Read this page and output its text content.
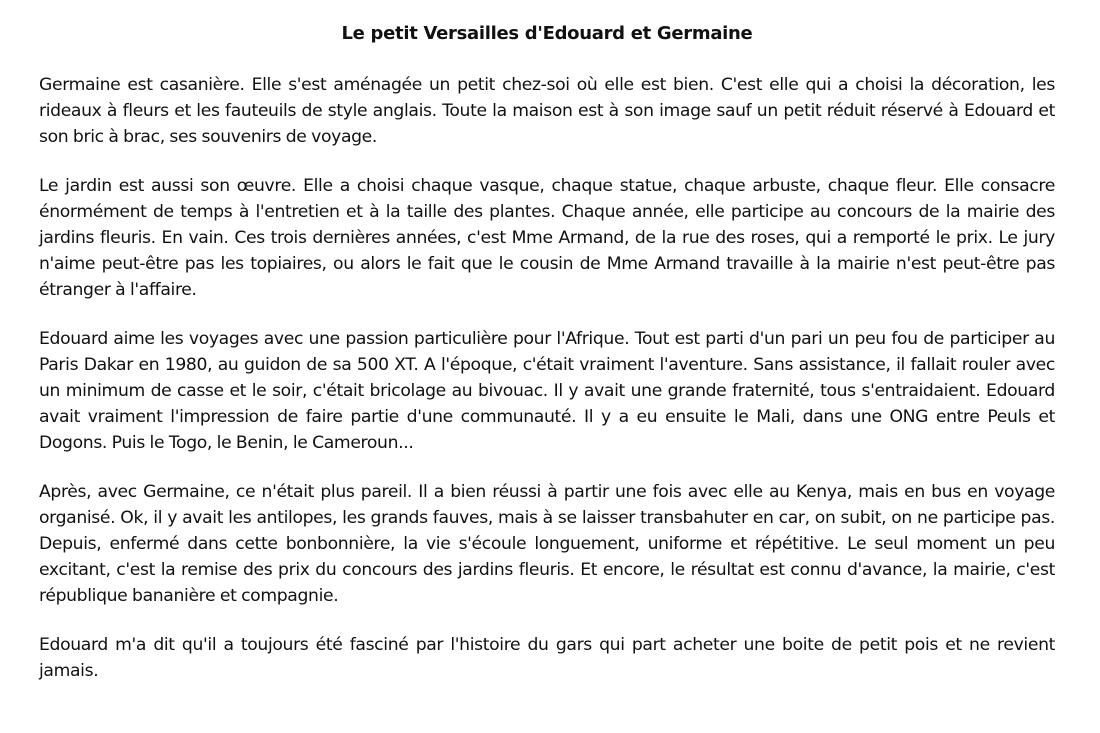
Le petit Versailles d'Edouard et Germaine

Germaine est casanière. Elle s'est aménagée un petit chez-soi où elle est bien. C'est elle qui a choisi la décoration, les rideaux à fleurs et les fauteuils de style anglais. Toute la maison est à son image sauf un petit réduit réservé à Edouard et son bric à brac, ses souvenirs de voyage.

Le jardin est aussi son œuvre. Elle a choisi chaque vasque, chaque statue, chaque arbuste, chaque fleur. Elle consacre énormément de temps à l'entretien et à la taille des plantes. Chaque année, elle participe au concours de la mairie des jardins fleuris. En vain. Ces trois dernières années, c'est Mme Armand, de la rue des roses, qui a remporté le prix. Le jury n'aime peut-être pas les topiaires, ou alors le fait que le cousin de Mme Armand travaille à la mairie n'est peut-être pas étranger à l'affaire.

Edouard aime les voyages avec une passion particulière pour l'Afrique. Tout est parti d'un pari un peu fou de participer au Paris Dakar en 1980, au guidon de sa 500 XT. A l'époque, c'était vraiment l'aventure. Sans assistance, il fallait rouler avec un minimum de casse et le soir, c'était bricolage au bivouac. Il y avait une grande fraternité, tous s'entraidaient. Edouard avait vraiment l'impression de faire partie d'une communauté. Il y a eu ensuite le Mali, dans une ONG entre Peuls et Dogons. Puis le Togo, le Benin, le Cameroun...

Après, avec Germaine, ce n'était plus pareil. Il a bien réussi à partir une fois avec elle au Kenya, mais en bus en voyage organisé. Ok, il y avait les antilopes, les grands fauves, mais à se laisser transbahuter en car, on subit, on ne participe pas. Depuis, enfermé dans cette bonbonnière, la vie s'écoule longuement, uniforme et répétitive. Le seul moment un peu excitant, c'est la remise des prix du concours des jardins fleuris. Et encore, le résultat est connu d'avance, la mairie, c'est république bananière et compagnie.

Edouard m'a dit qu'il a toujours été fasciné par l'histoire du gars qui part acheter une boite de petit pois et ne revient jamais.
